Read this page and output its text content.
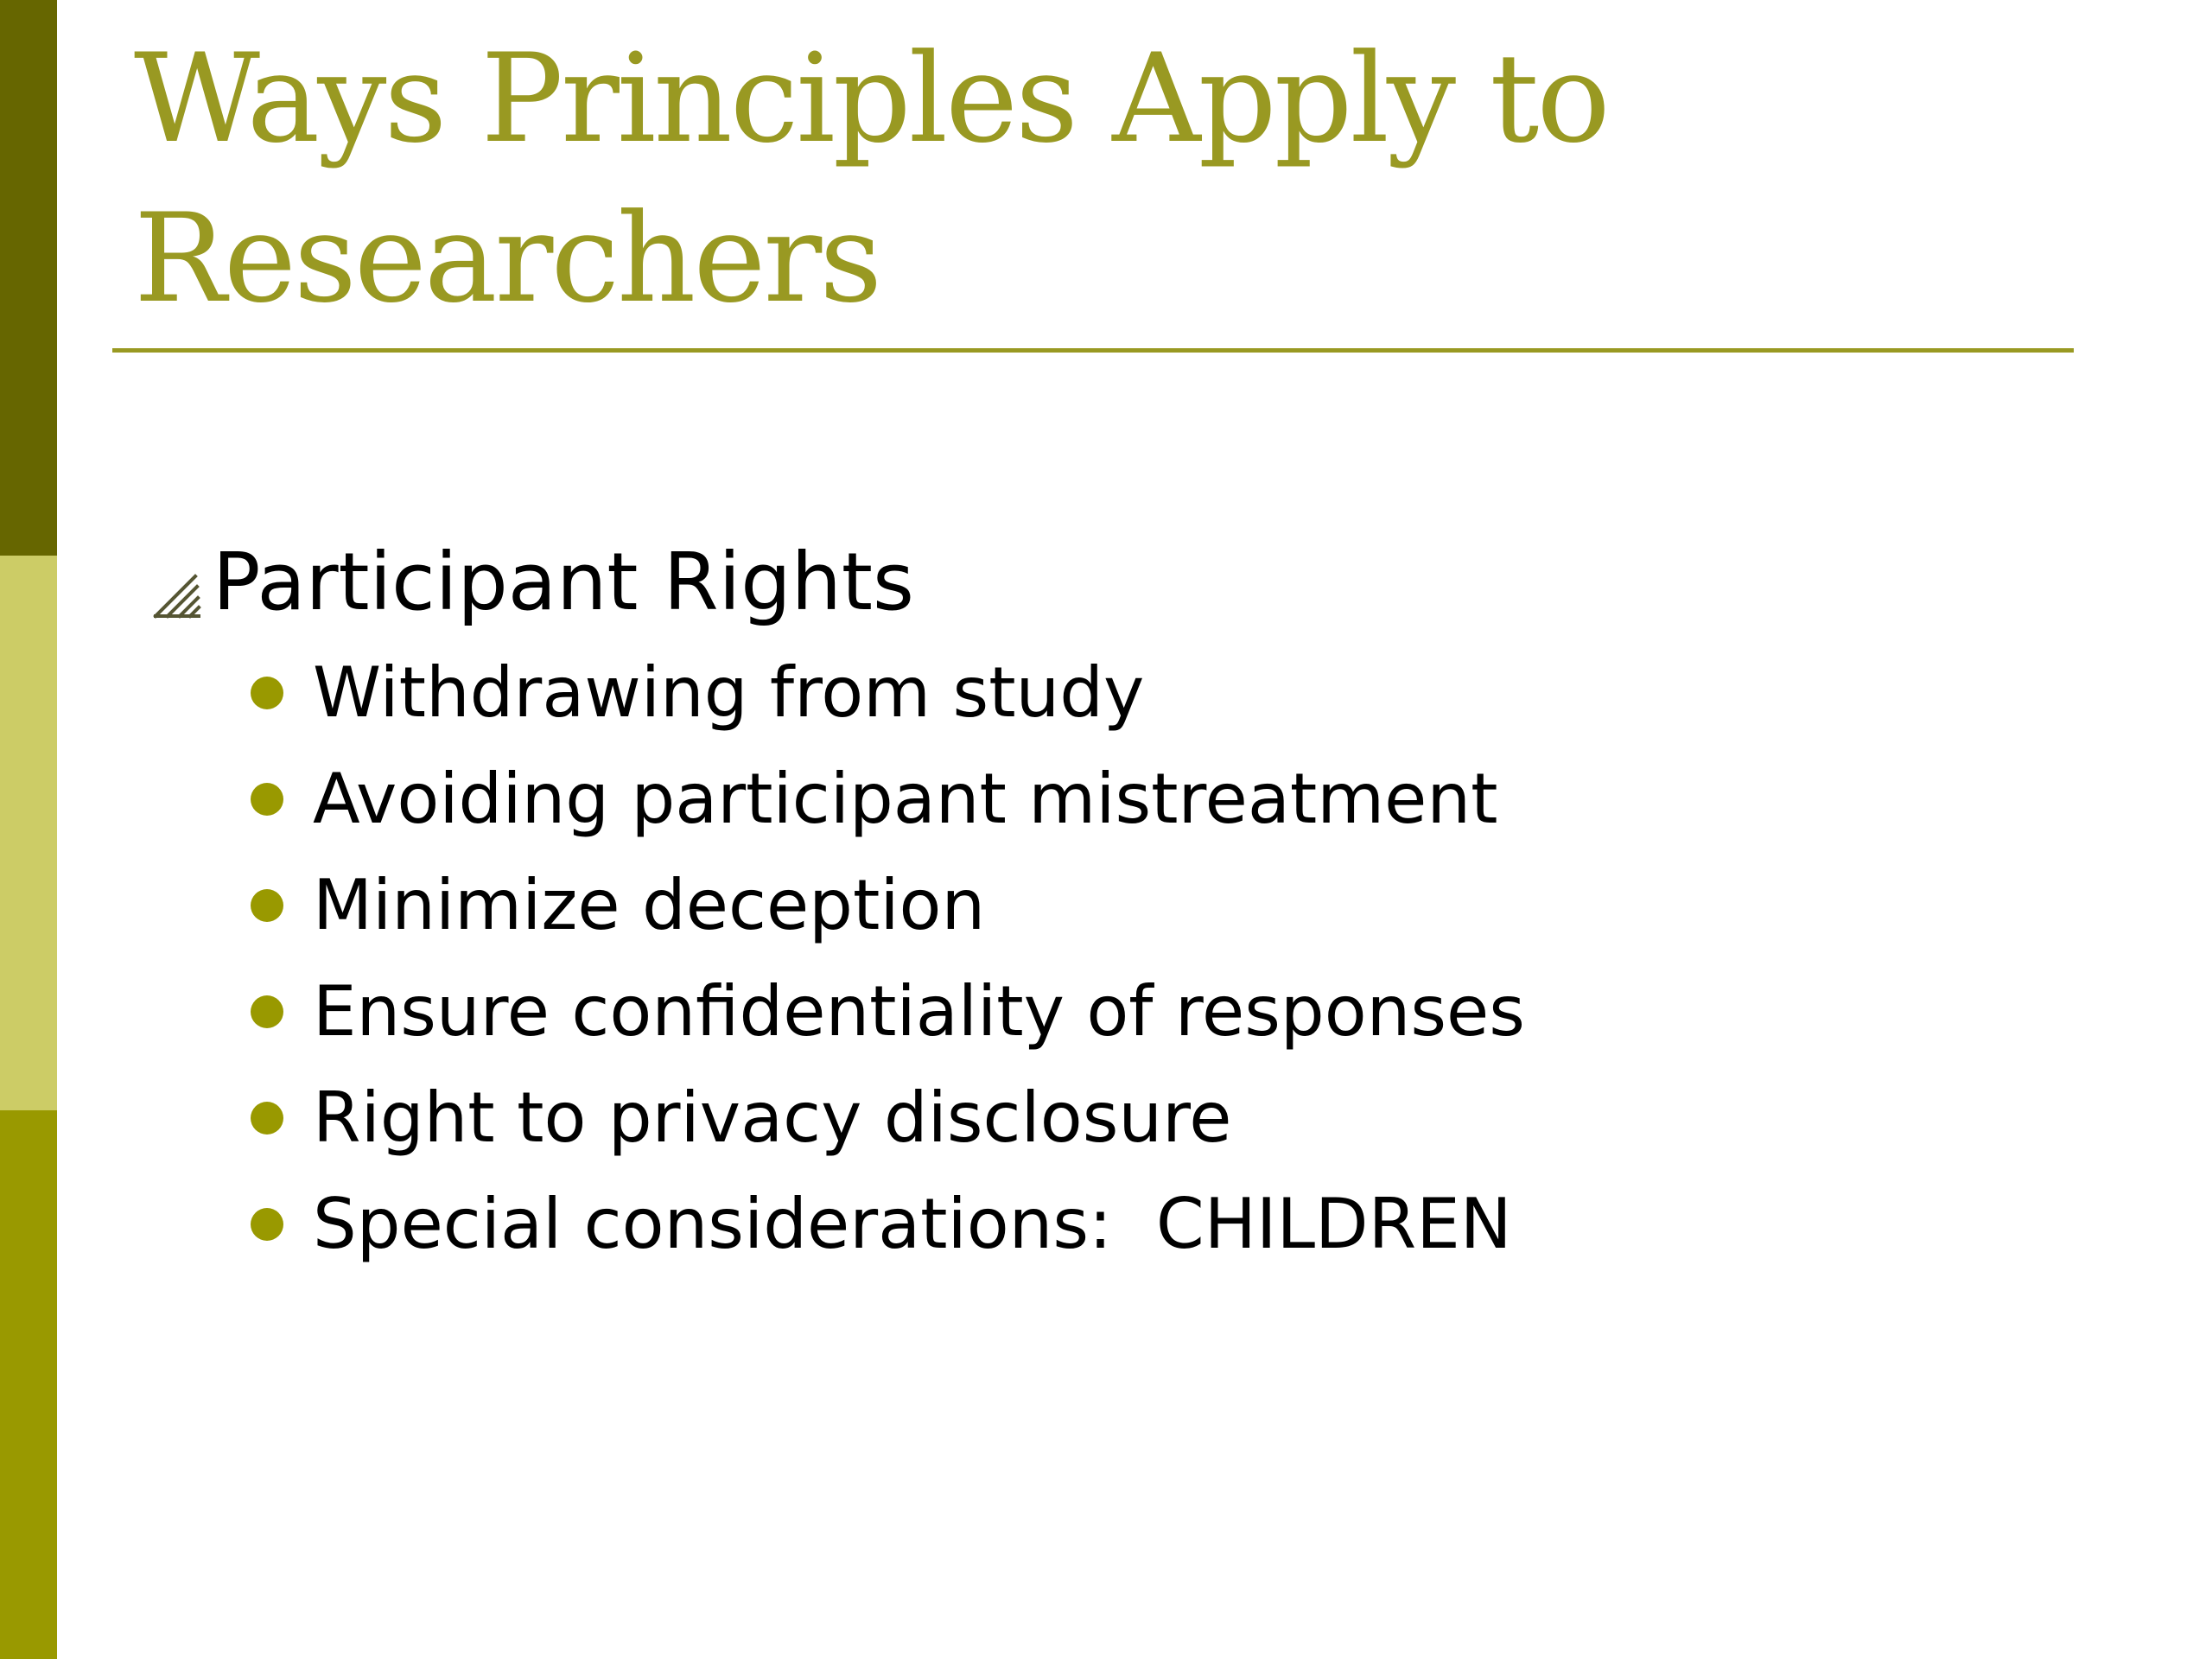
Ways Principles Apply to
Researchers
Participant Rights
Withdrawing from study
Avoiding participant mistreatment
Minimize deception
Ensure confidentiality of responses
Right to privacy disclosure
Special considerations:  CHILDREN
